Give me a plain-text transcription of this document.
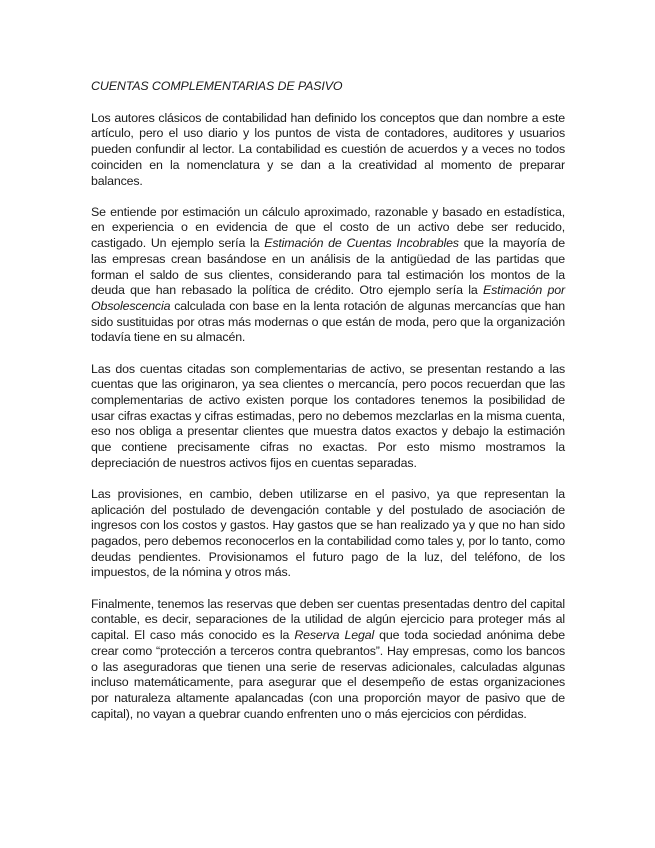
CUENTAS COMPLEMENTARIAS DE PASIVO

Los autores clásicos de contabilidad han definido los conceptos que dan nombre a este artículo, pero el uso diario y los puntos de vista de contadores, auditores y usuarios pueden confundir al lector. La contabilidad es cuestión de acuerdos y a veces no todos coinciden en la nomenclatura y se dan a la creatividad al momento de preparar balances.

Se entiende por estimación un cálculo aproximado, razonable y basado en estadística, en experiencia o en evidencia de que el costo de un activo debe ser reducido, castigado. Un ejemplo sería la Estimación de Cuentas Incobrables que la mayoría de las empresas crean basándose en un análisis de la antigüedad de las partidas que forman el saldo de sus clientes, considerando para tal estimación los montos de la deuda que han rebasado la política de crédito. Otro ejemplo sería la Estimación por Obsolescencia calculada con base en la lenta rotación de algunas mercancías que han sido sustituidas por otras más modernas o que están de moda, pero que la organización todavía tiene en su almacén.

Las dos cuentas citadas son complementarias de activo, se presentan restando a las cuentas que las originaron, ya sea clientes o mercancía, pero pocos recuerdan que las complementarias de activo existen porque los contadores tenemos la posibilidad de usar cifras exactas y cifras estimadas, pero no debemos mezclarlas en la misma cuenta, eso nos obliga a presentar clientes que muestra datos exactos y debajo la estimación que contiene precisamente cifras no exactas. Por esto mismo mostramos la depreciación de nuestros activos fijos en cuentas separadas.

Las provisiones, en cambio, deben utilizarse en el pasivo, ya que representan la aplicación del postulado de devengación contable y del postulado de asociación de ingresos con los costos y gastos. Hay gastos que se han realizado ya y que no han sido pagados, pero debemos reconocerlos en la contabilidad como tales y, por lo tanto, como deudas pendientes. Provisionamos el futuro pago de la luz, del teléfono, de los impuestos, de la nómina y otros más.

Finalmente, tenemos las reservas que deben ser cuentas presentadas dentro del capital contable, es decir, separaciones de la utilidad de algún ejercicio para proteger más al capital. El caso más conocido es la Reserva Legal que toda sociedad anónima debe crear como “protección a terceros contra quebrantos”. Hay empresas, como los bancos o las aseguradoras que tienen una serie de reservas adicionales, calculadas algunas incluso matemáticamente, para asegurar que el desempeño de estas organizaciones por naturaleza altamente apalancadas (con una proporción mayor de pasivo que de capital), no vayan a quebrar cuando enfrenten uno o más ejercicios con pérdidas.
